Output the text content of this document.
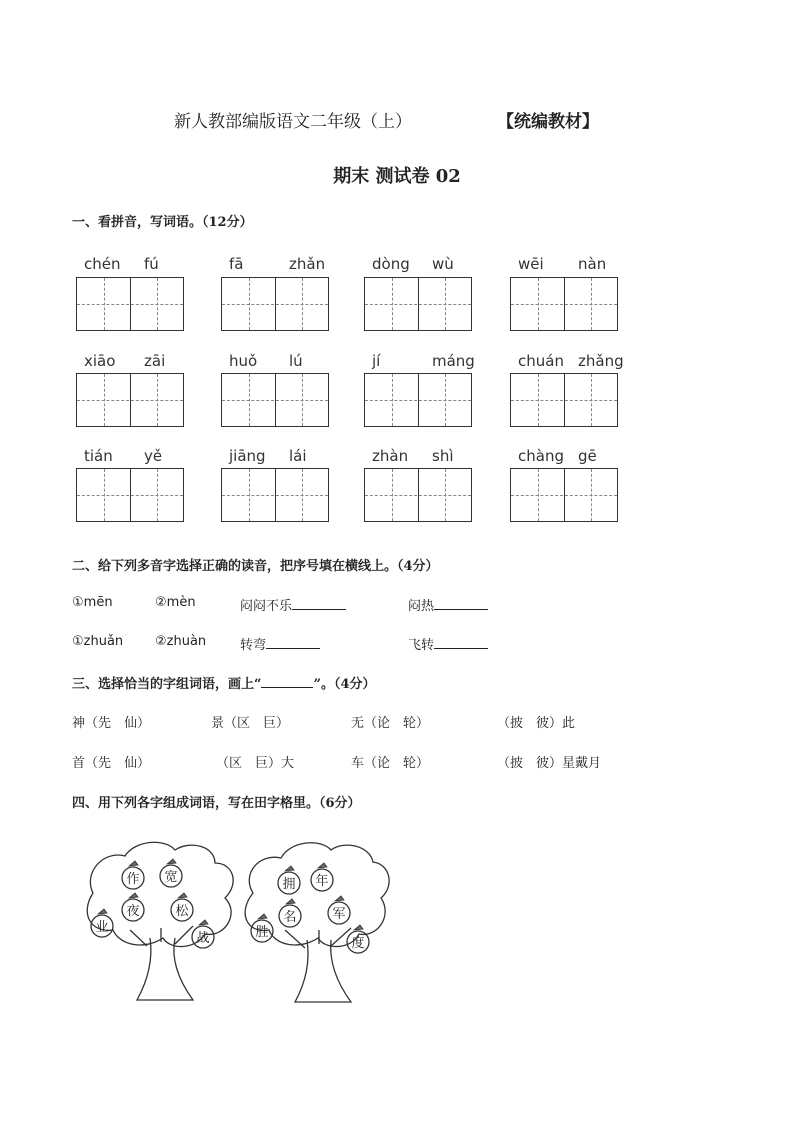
新人教部编版语文二年级（上）	【统编教材】
期末 测试卷 02
一、看拼音，写词语。（12分）
chén fú	fā	zhǎn	dòng wù	wēi nàn
xiāo zāi	huǒ lú	jí	máng	chuán zhǎng
tián yě	jiāng lái	zhàn shì	chàng gē
二、给下列多音字选择正确的读音，把序号填在横线上。（4分）
①mēn	②mèn	闷闷不乐	闷热
①zhuǎn ②zhuàn	转弯	飞转
三、选择恰当的字组词语，画上“	”。（4分）
神（先　仙）	景（区　巨）	无（论　轮）	（披　彼）此
首（先　仙）	（区　巨）大	车（论　轮）	（披　彼）星戴月
四、用下列各字组成词语，写在田字格里。（6分）
作 宽
夜	松
业
战
拥 年
名	军
胜
度
